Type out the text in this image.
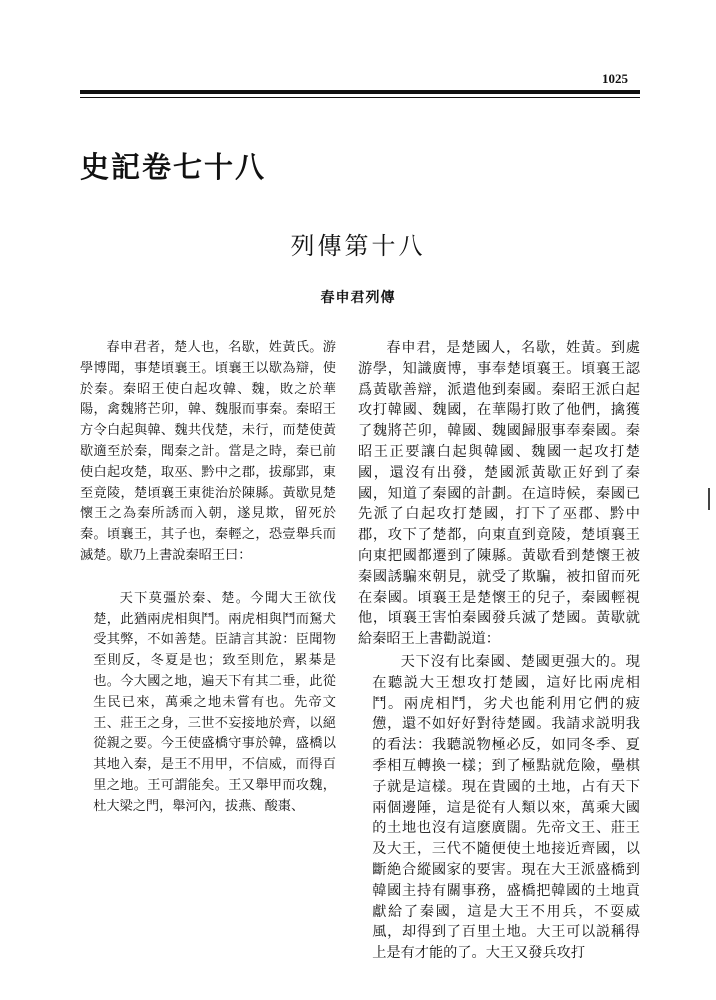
1025
史記卷七十八
列傳第十八
春申君列傳

春申君者，楚人也，名歇，姓黃氏。游學博聞，事楚頃襄王。頃襄王以歇為辯，使於秦。秦昭王使白起攻韓、魏，敗之於華陽，禽魏將芒卯，韓、魏服而事秦。秦昭王方令白起與韓、魏共伐楚，未行，而楚使黃歇適至於秦，聞秦之計。當是之時，秦已前使白起攻楚，取巫、黔中之郡，拔鄢郢，東至竟陵，楚頃襄王東徙治於陳縣。黃歇見楚懷王之為秦所誘而入朝，遂見欺，留死於秦。頃襄王，其子也，秦輕之，恐壹舉兵而滅楚。歇乃上書說秦昭王曰：

天下莫彊於秦、楚。今聞大王欲伐楚，此猶兩虎相與鬥。兩虎相與鬥而駑犬受其弊，不如善楚。臣請言其說：臣聞物至則反，冬夏是也；致至則危，累棊是也。今大國之地，遍天下有其二垂，此從生民已來，萬乘之地未嘗有也。先帝文王、莊王之身，三世不妄接地於齊，以絕從親之要。今王使盛橋守事於韓，盛橋以其地入秦，是王不用甲，不信威，而得百里之地。王可謂能矣。王又舉甲而攻魏，杜大梁之門，舉河內，拔燕、酸棗、

春申君，是楚國人，名歇，姓黃。到處游學，知識廣博，事奉楚頃襄王。頃襄王認爲黃歇善辯，派遣他到秦國。秦昭王派白起攻打韓國、魏國，在華陽打敗了他們，擒獲了魏將芒卯，韓國、魏國歸服事奉秦國。秦昭王正要讓白起與韓國、魏國一起攻打楚國，還沒有出發，楚國派黃歇正好到了秦國，知道了秦國的計劃。在這時候，秦國已先派了白起攻打楚國，打下了巫郡、黔中郡，攻下了楚都，向東直到竟陵，楚頃襄王向東把國都遷到了陳縣。黃歇看到楚懷王被秦國誘騙來朝見，就受了欺騙，被扣留而死在秦國。頃襄王是楚懷王的兒子，秦國輕視他，頃襄王害怕秦國發兵滅了楚國。黃歇就給秦昭王上書勸説道：

天下沒有比秦國、楚國更强大的。現在聽説大王想攻打楚國，這好比兩虎相鬥。兩虎相鬥，劣犬也能利用它們的疲憊，還不如好好對待楚國。我請求説明我的看法：我聽説物極必反，如同冬季、夏季相互轉換一樣；到了極點就危險，壘棋子就是這樣。現在貴國的土地，占有天下兩個邊陲，這是從有人類以來，萬乘大國的土地也沒有這麽廣闊。先帝文王、莊王及大王，三代不隨便使土地接近齊國，以斷絶合縱國家的要害。現在大王派盛橋到韓國主持有關事務，盛橋把韓國的土地貢獻給了秦國，這是大王不用兵，不耍威風，却得到了百里土地。大王可以説稱得上是有才能的了。大王又發兵攻打
